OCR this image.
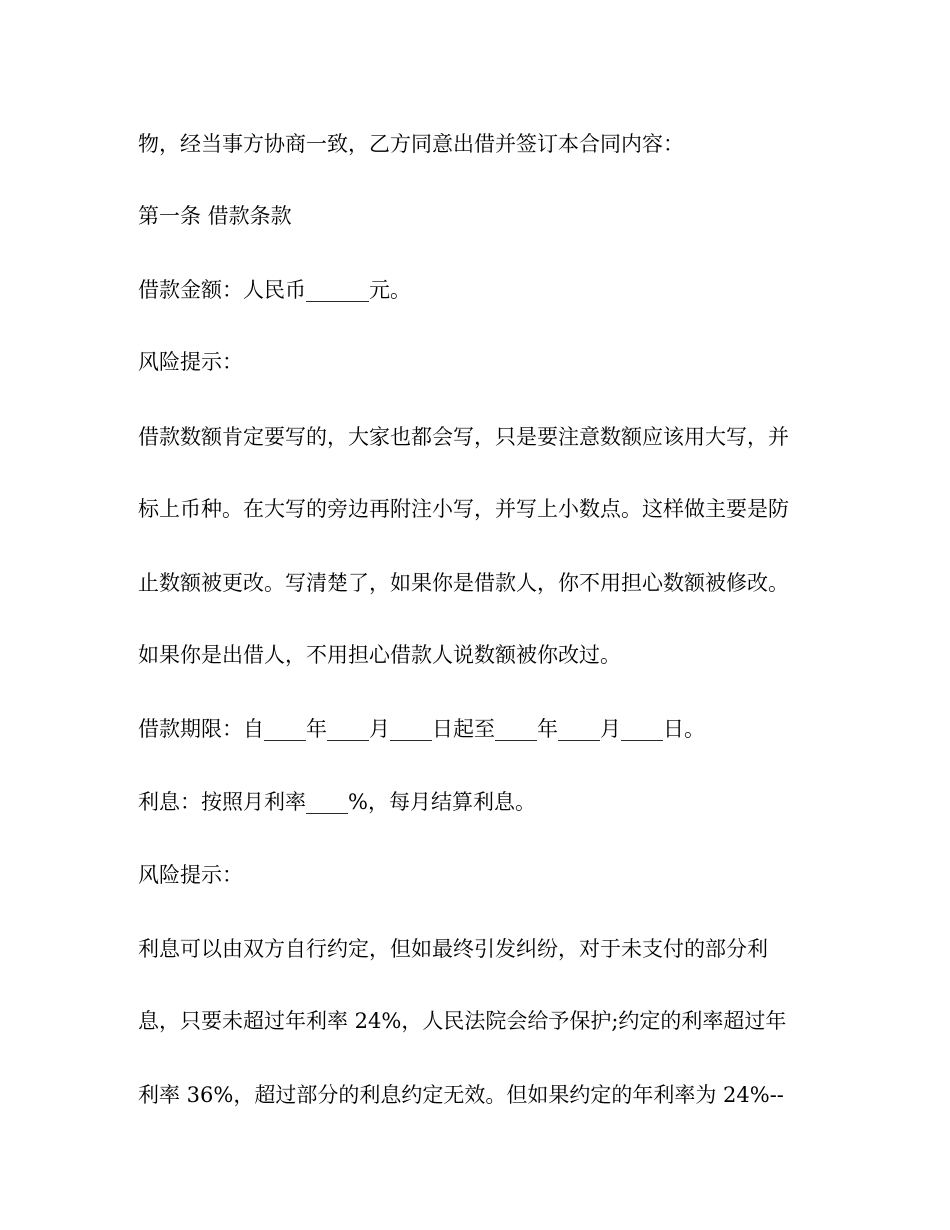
物，经当事方协商一致，乙方同意出借并签订本合同内容：
第一条 借款条款
借款金额：人民币______元。
风险提示：
借款数额肯定要写的，大家也都会写，只是要注意数额应该用大写，并
标上币种。在大写的旁边再附注小写，并写上小数点。这样做主要是防
止数额被更改。写清楚了，如果你是借款人，你不用担心数额被修改。
如果你是出借人，不用担心借款人说数额被你改过。
借款期限：自____年____月____日起至____年____月____日。
利息：按照月利率____%，每月结算利息。
风险提示：
利息可以由双方自行约定，但如最终引发纠纷，对于未支付的部分利
息，只要未超过年利率 24%，人民法院会给予保护;约定的利率超过年
利率 36%，超过部分的利息约定无效。但如果约定的年利率为 24%--
